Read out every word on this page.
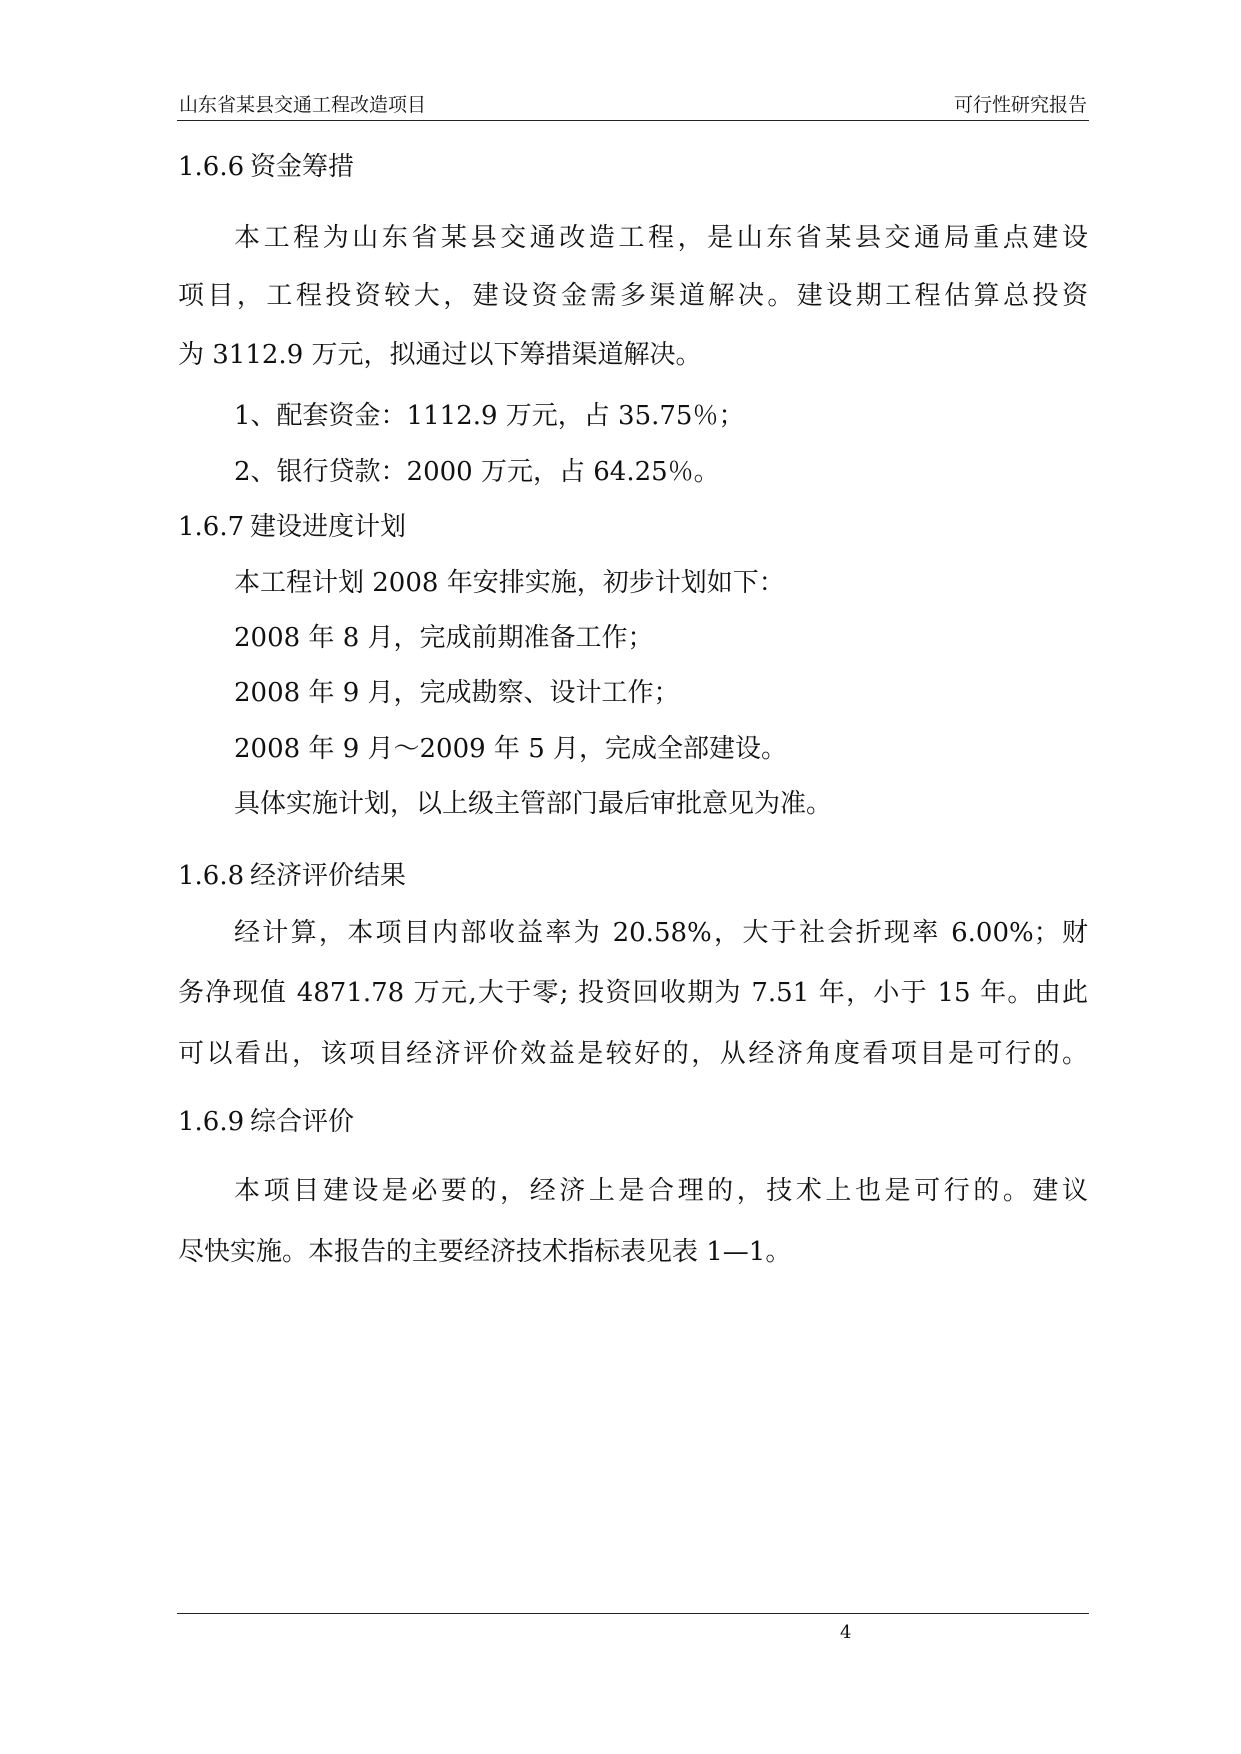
山东省某县交通工程改造项目	可行性研究报告
1.6.6 资金筹措
本工程为山东省某县交通改造工程，是山东省某县交通局重点建设
项目，工程投资较大，建设资金需多渠道解决。建设期工程估算总投资
为 3112.9 万元，拟通过以下筹措渠道解决。
1、配套资金：1112.9 万元，占 35.75％；
2、银行贷款：2000 万元，占 64.25％。
1.6.7 建设进度计划
本工程计划 2008 年安排实施，初步计划如下：
2008 年 8 月，完成前期准备工作；
2008 年 9 月，完成勘察、设计工作；
2008 年 9 月～2009 年 5 月，完成全部建设。
具体实施计划，以上级主管部门最后审批意见为准。
1.6.8 经济评价结果
经计算，本项目内部收益率为 20.58%，大于社会折现率 6.00%；财
务净现值 4871.78 万元,大于零; 投资回收期为 7.51 年，小于 15 年。由此
可以看出，该项目经济评价效益是较好的，从经济角度看项目是可行的。
1.6.9 综合评价
本项目建设是必要的，经济上是合理的，技术上也是可行的。建议
尽快实施。本报告的主要经济技术指标表见表 1—1。
4
